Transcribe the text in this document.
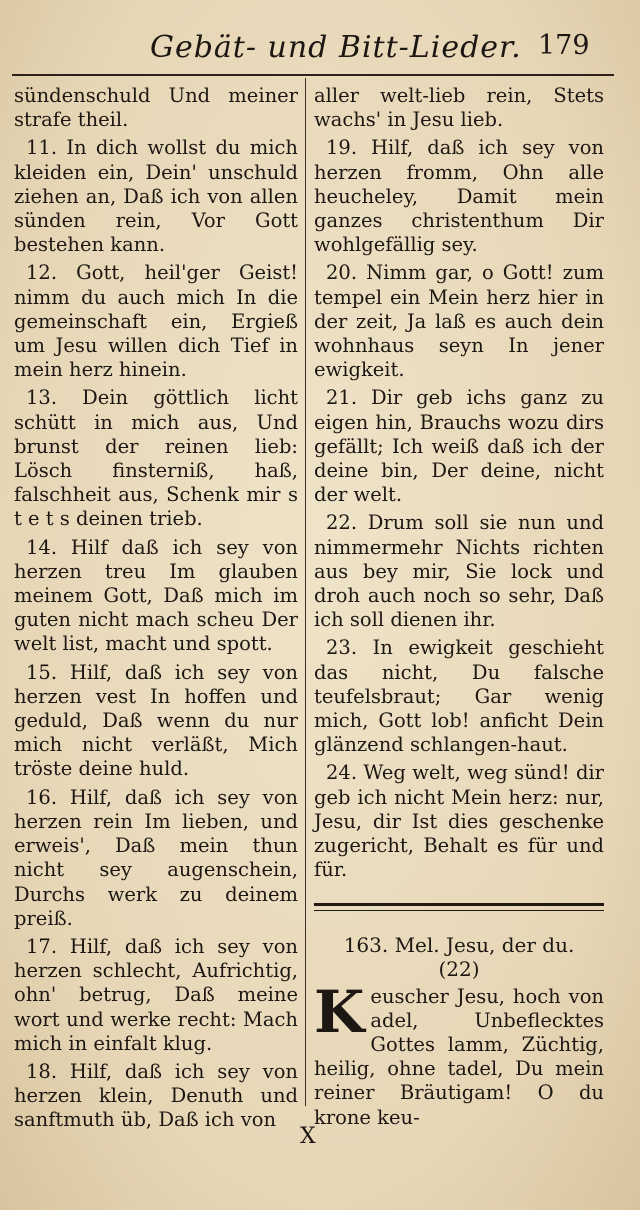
Gebät- und Bitt-Lieder. 179

sündenschuld Und meiner strafe theil.

11. In dich wollst du mich kleiden ein, Dein' unschuld ziehen an, Daß ich von allen sünden rein, Vor Gott bestehen kann.

12. Gott, heil'ger Geist! nimm du auch mich In die gemeinschaft ein, Ergieß um Jesu willen dich Tief in mein herz hinein.

13. Dein göttlich licht schütt in mich aus, Und brunst der reinen lieb: Lösch finsterniß, haß, falschheit aus, Schenk mir s t e t s deinen trieb.

14. Hilf daß ich sey von herzen treu Im glauben meinem Gott, Daß mich im guten nicht mach scheu Der welt list, macht und spott.

15. Hilf, daß ich sey von herzen vest In hoffen und geduld, Daß wenn du nur mich nicht verläßt, Mich tröste deine huld.

16. Hilf, daß ich sey von herzen rein Im lieben, und erweis', Daß mein thun nicht sey augenschein, Durchs werk zu deinem preiß.

17. Hilf, daß ich sey von herzen schlecht, Aufrichtig, ohn' betrug, Daß meine wort und werke recht: Mach mich in einfalt klug.

18. Hilf, daß ich sey von herzen klein, Denuth und sanftmuth üb, Daß ich von

aller welt-lieb rein, Stets wachs' in Jesu lieb.

19. Hilf, daß ich sey von herzen fromm, Ohn alle heucheley, Damit mein ganzes christenthum Dir wohlgefällig sey.

20. Nimm gar, o Gott! zum tempel ein Mein herz hier in der zeit, Ja laß es auch dein wohnhaus seyn In jener ewigkeit.

21. Dir geb ichs ganz zu eigen hin, Brauchs wozu dirs gefällt; Ich weiß daß ich der deine bin, Der deine, nicht der welt.

22. Drum soll sie nun und nimmermehr Nichts richten aus bey mir, Sie lock und droh auch noch so sehr, Daß ich soll dienen ihr.

23. In ewigkeit geschieht das nicht, Du falsche teufelsbraut; Gar wenig mich, Gott lob! anficht Dein glänzend schlangen-haut.

24. Weg welt, weg sünd! dir geb ich nicht Mein herz: nur, Jesu, dir Ist dies geschenke zugericht, Behalt es für und für.

163. Mel. Jesu, der du.
(22)

Keuscher Jesu, hoch von adel, Unbeflecktes Gottes lamm, Züchtig, heilig, ohne tadel, Du mein reiner Bräutigam! O du krone keu-

X
